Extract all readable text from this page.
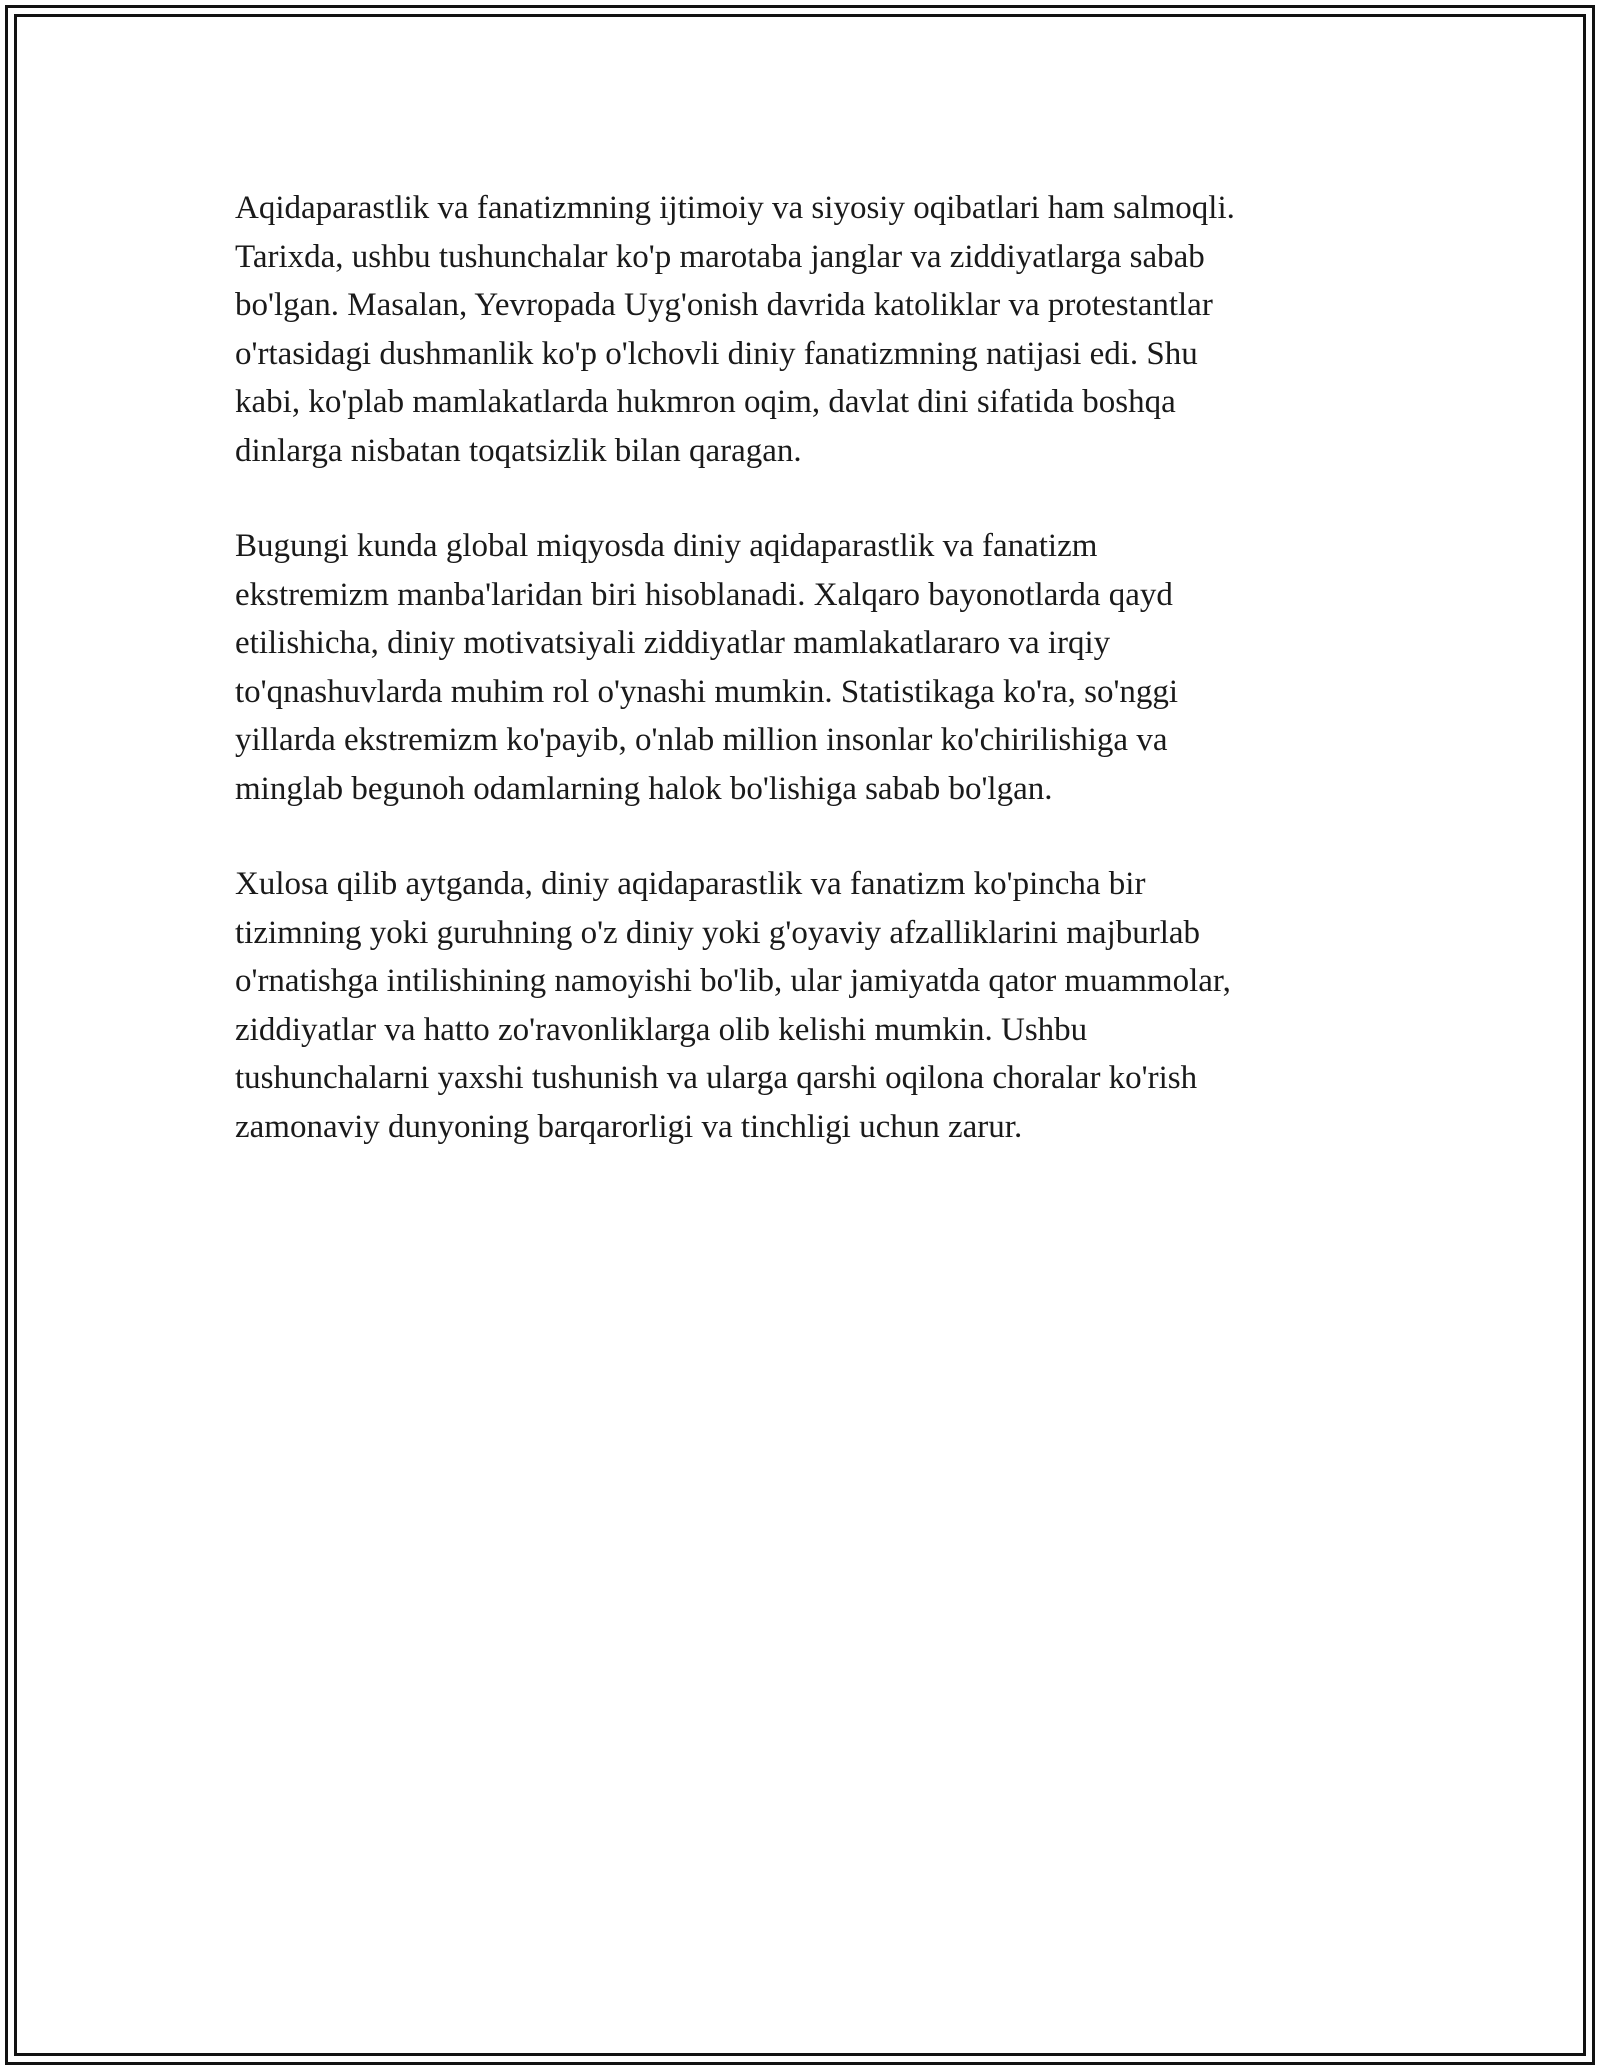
Aqidaparastlik va fanatizmning ijtimoiy va siyosiy oqibatlari ham salmoqli.
Tarixda, ushbu tushunchalar ko'p marotaba janglar va ziddiyatlarga sabab
bo'lgan. Masalan, Yevropada Uyg'onish davrida katoliklar va protestantlar
o'rtasidagi dushmanlik ko'p o'lchovli diniy fanatizmning natijasi edi. Shu
kabi, ko'plab mamlakatlarda hukmron oqim, davlat dini sifatida boshqa
dinlarga nisbatan toqatsizlik bilan qaragan.

Bugungi kunda global miqyosda diniy aqidaparastlik va fanatizm
ekstremizm manba'laridan biri hisoblanadi. Xalqaro bayonotlarda qayd
etilishicha, diniy motivatsiyali ziddiyatlar mamlakatlararo va irqiy
to'qnashuvlarda muhim rol o'ynashi mumkin. Statistikaga ko'ra, so'nggi
yillarda ekstremizm ko'payib, o'nlab million insonlar ko'chirilishiga va
minglab begunoh odamlarning halok bo'lishiga sabab bo'lgan.

Xulosa qilib aytganda, diniy aqidaparastlik va fanatizm ko'pincha bir
tizimning yoki guruhning o'z diniy yoki g'oyaviy afzalliklarini majburlab
o'rnatishga intilishining namoyishi bo'lib, ular jamiyatda qator muammolar,
ziddiyatlar va hatto zo'ravonliklarga olib kelishi mumkin. Ushbu
tushunchalarni yaxshi tushunish va ularga qarshi oqilona choralar ko'rish
zamonaviy dunyoning barqarorligi va tinchligi uchun zarur.
